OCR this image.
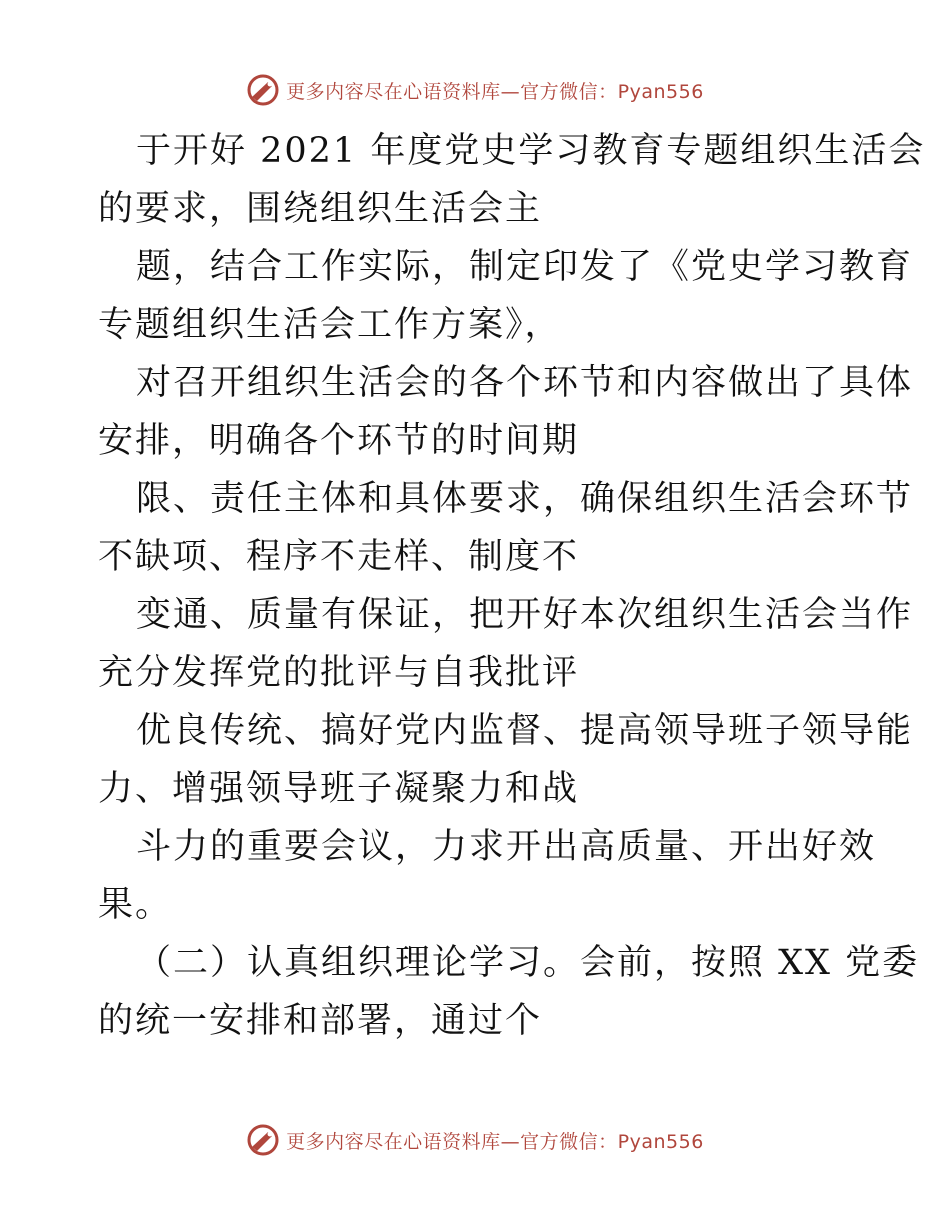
更多内容尽在心语资料库—官方微信：Pyan556
于开好 2021 年度党史学习教育专题组织生活会
的要求，围绕组织生活会主
题，结合工作实际，制定印发了《党史学习教育
专题组织生活会工作方案》，
对召开组织生活会的各个环节和内容做出了具体
安排，明确各个环节的时间期
限、责任主体和具体要求，确保组织生活会环节
不缺项、程序不走样、制度不
变通、质量有保证，把开好本次组织生活会当作
充分发挥党的批评与自我批评
优良传统、搞好党内监督、提高领导班子领导能
力、增强领导班子凝聚力和战
斗力的重要会议，力求开出高质量、开出好效
果。
（二）认真组织理论学习。会前，按照 XX 党委
的统一安排和部署，通过个
更多内容尽在心语资料库—官方微信：Pyan556
